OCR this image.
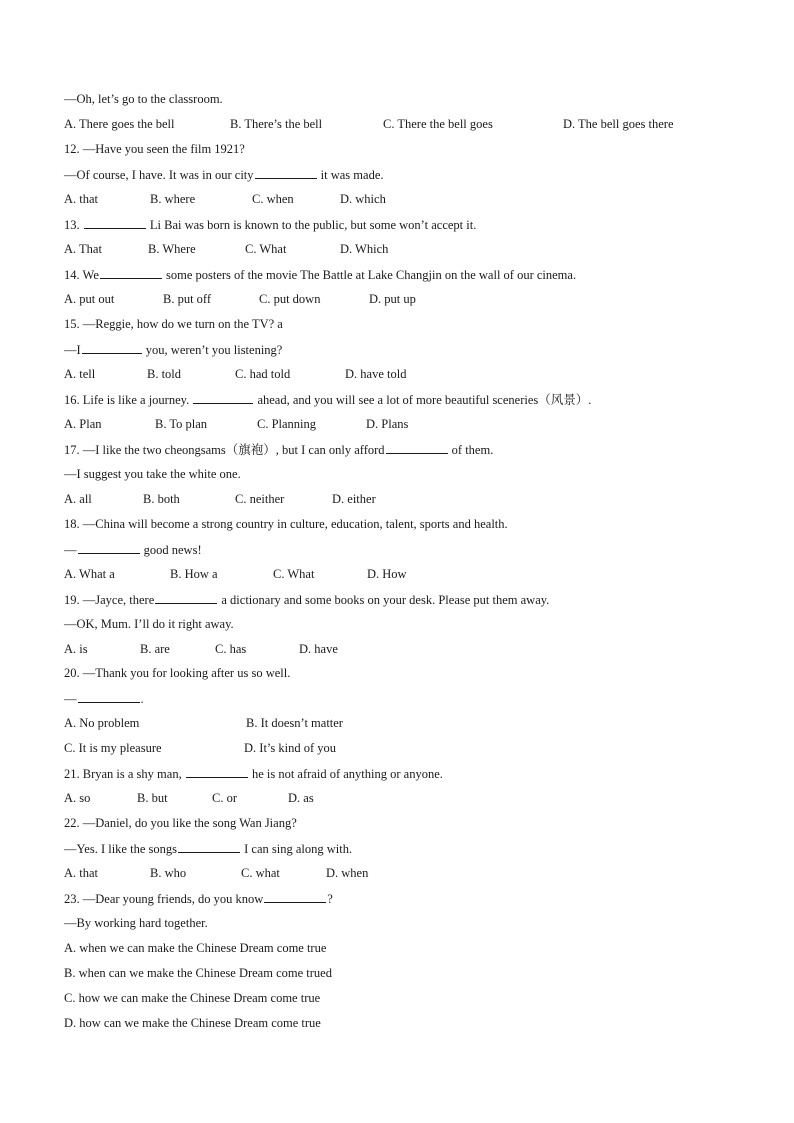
—Oh, let’s go to the classroom.
A. There goes the bell	B. There’s the bell	C. There the bell goes	D. The bell goes there
12. —Have you seen the film 1921?
—Of course, I have. It was in our city	it was made.
A. that	B. where	C. when	D. which
13.	Li Bai was born is known to the public, but some won’t accept it.
A. That	B. Where	C. What	D. Which
14. We	some posters of the movie The Battle at Lake Changjin on the wall of our cinema.
A. put out	B. put off	C. put down	D. put up
15. —Reggie, how do we turn on the TV? a
—I	you, weren’t you listening?
A. tell	B. told	C. had told	D. have told
16. Life is like a journey.	ahead, and you will see a lot of more beautiful sceneries（风景）.
A. Plan	B. To plan	C. Planning	D. Plans
17. —I like the two cheongsams（旗袍）, but I can only afford	of them.
—I suggest you take the white one.
A. all	B. both	C. neither	D. either
18. —China will become a strong country in culture, education, talent, sports and health.
—	good news!
A. What a	B. How a	C. What	D. How
19. —Jayce, there	a dictionary and some books on your desk. Please put them away.
—OK, Mum. I’ll do it right away.
A. is	B. are	C. has	D. have
20. —Thank you for looking after us so well.
—	.
A. No problem	B. It doesn’t matter
C. It is my pleasure	D. It’s kind of you
21. Bryan is a shy man,	he is not afraid of anything or anyone.
A. so	B. but	C. or	D. as
22. —Daniel, do you like the song Wan Jiang?
—Yes. I like the songs	I can sing along with.
A. that	B. who	C. what	D. when
23. —Dear young friends, do you know	?
—By working hard together.
A. when we can make the Chinese Dream come true
B. when can we make the Chinese Dream come trued
C. how we can make the Chinese Dream come true
D. how can we make the Chinese Dream come true
